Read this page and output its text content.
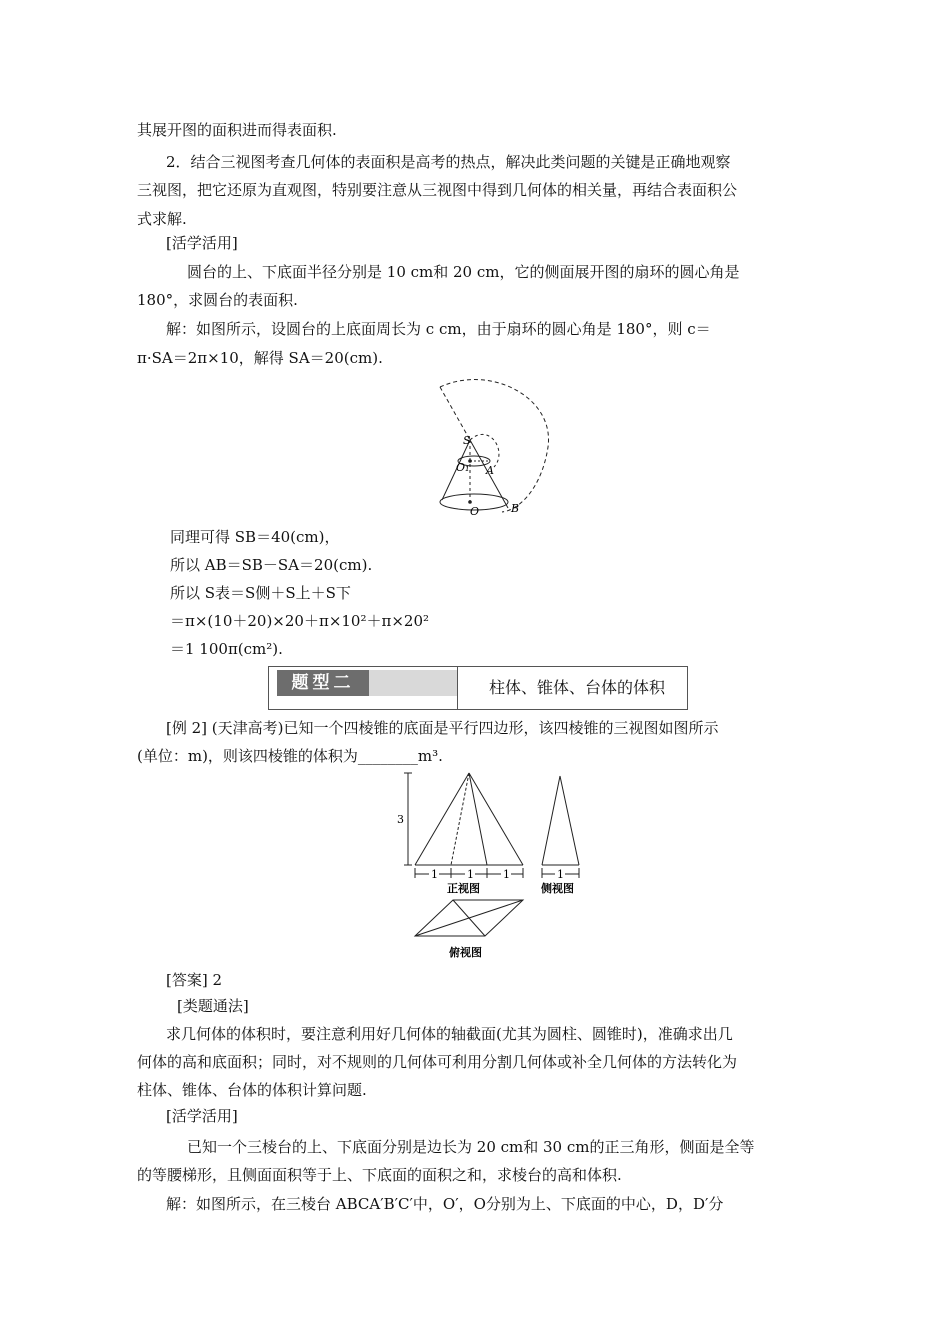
其展开图的面积进而得表面积.
2．结合三视图考查几何体的表面积是高考的热点，解决此类问题的关键是正确地观察
三视图，把它还原为直观图，特别要注意从三视图中得到几何体的相关量，再结合表面积公
式求解.
[活学活用]
圆台的上、下底面半径分别是 10 cm和 20 cm，它的侧面展开图的扇环的圆心角是
180°，求圆台的表面积.
解：如图所示，设圆台的上底面周长为 c cm，由于扇环的圆心角是 180°，则 c＝
π·SA＝2π×10，解得 SA＝20(cm).
S
O₁ A
O	B
同理可得 SB＝40(cm)，
所以 AB＝SB－SA＝20(cm).
所以 S表＝S侧＋S上＋S下
＝π×(10＋20)×20＋π×10²＋π×20²
＝1 100π(cm²).
题型二	柱体、锥体、台体的体积
[例 2] (天津高考)已知一个四棱锥的底面是平行四边形，该四棱锥的三视图如图所示
(单位：m)，则该四棱锥的体积为________m³.
3
1	1	1	1
正视图	侧视图
俯视图
[答案] 2
[类题通法]
求几何体的体积时，要注意利用好几何体的轴截面(尤其为圆柱、圆锥时)，准确求出几
何体的高和底面积；同时，对不规则的几何体可利用分割几何体或补全几何体的方法转化为
柱体、锥体、台体的体积计算问题.
[活学活用]
已知一个三棱台的上、下底面分别是边长为 20 cm和 30 cm的正三角形，侧面是全等
的等腰梯形，且侧面面积等于上、下底面的面积之和，求棱台的高和体积.
解：如图所示，在三棱台 ABCA′B′C′中，O′，O分别为上、下底面的中心，D，D′分
